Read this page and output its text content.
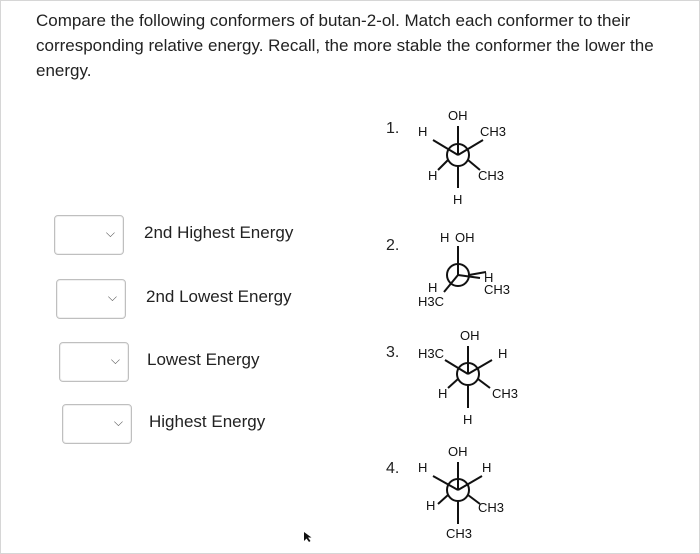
Compare the following conformers of butan-2-ol. Match each conformer to their corresponding relative energy. Recall, the more stable the conformer the lower the energy.
⌵ 2nd Highest Energy
⌵ 2nd Lowest Energy
⌵ Lowest Energy
⌵ Highest Energy
1.
2.
3.
4.
OH
H	CH3
H	CH3
H
H OH
H
CH3
H
H3C
OH
H3C	H
H	CH3
H
OH
H	H
H	CH3
CH3
